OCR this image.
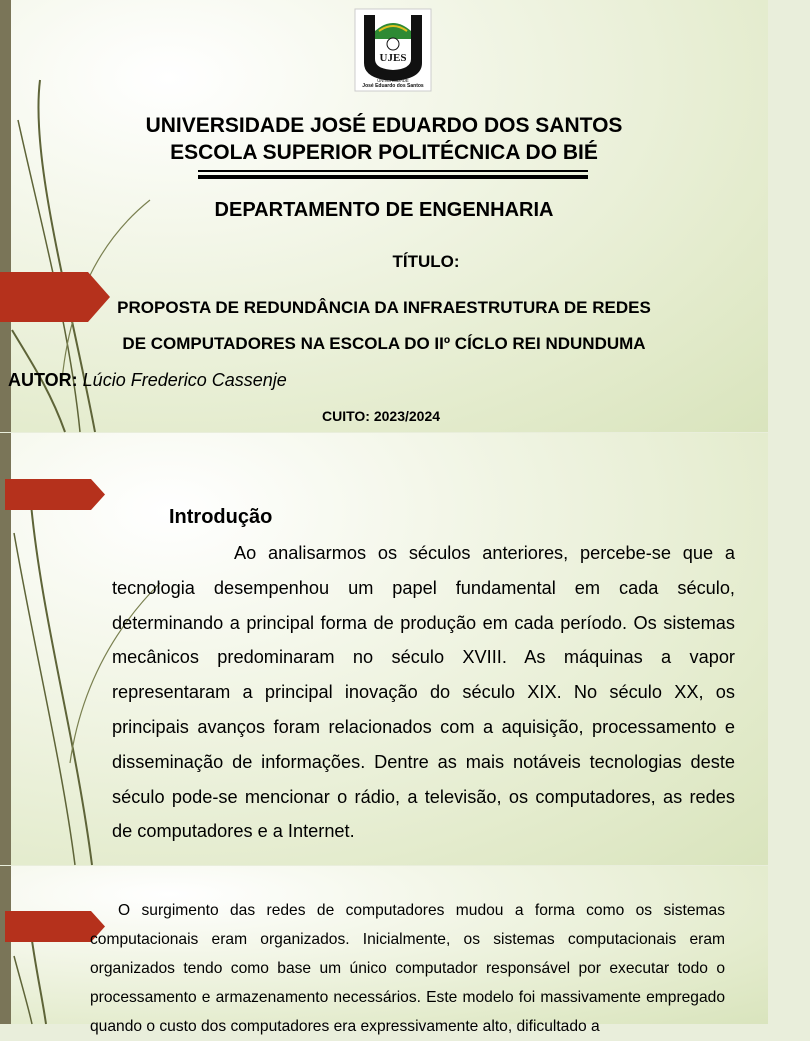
UJES
UNIVERSIDADE
José Eduardo dos Santos
UNIVERSIDADE JOSÉ EDUARDO DOS SANTOS
ESCOLA SUPERIOR POLITÉCNICA DO BIÉ
DEPARTAMENTO DE ENGENHARIA
TÍTULO:
PROPOSTA DE REDUNDÂNCIA DA INFRAESTRUTURA DE REDES
DE COMPUTADORES NA ESCOLA DO IIº CÍCLO REI NDUNDUMA
AUTOR: Lúcio Frederico Cassenje
CUITO: 2023/2024
Introdução
Ao analisarmos os séculos anteriores, percebe-se que a tecnologia desempenhou um papel fundamental em cada século, determinando a principal forma de produção em cada período. Os sistemas mecânicos predominaram no século XVIII. As máquinas a vapor representaram a principal inovação do século XIX. No século XX, os principais avanços foram relacionados com a aquisição, processamento e disseminação de informações. Dentre as mais notáveis tecnologias deste século pode-se mencionar o rádio, a televisão, os computadores, as redes de computadores e a Internet.
O surgimento das redes de computadores mudou a forma como os sistemas computacionais eram organizados. Inicialmente, os sistemas computacionais eram organizados tendo como base um único computador responsável por executar todo o processamento e armazenamento necessários. Este modelo foi massivamente empregado quando o custo dos computadores era expressivamente alto, dificultado a
